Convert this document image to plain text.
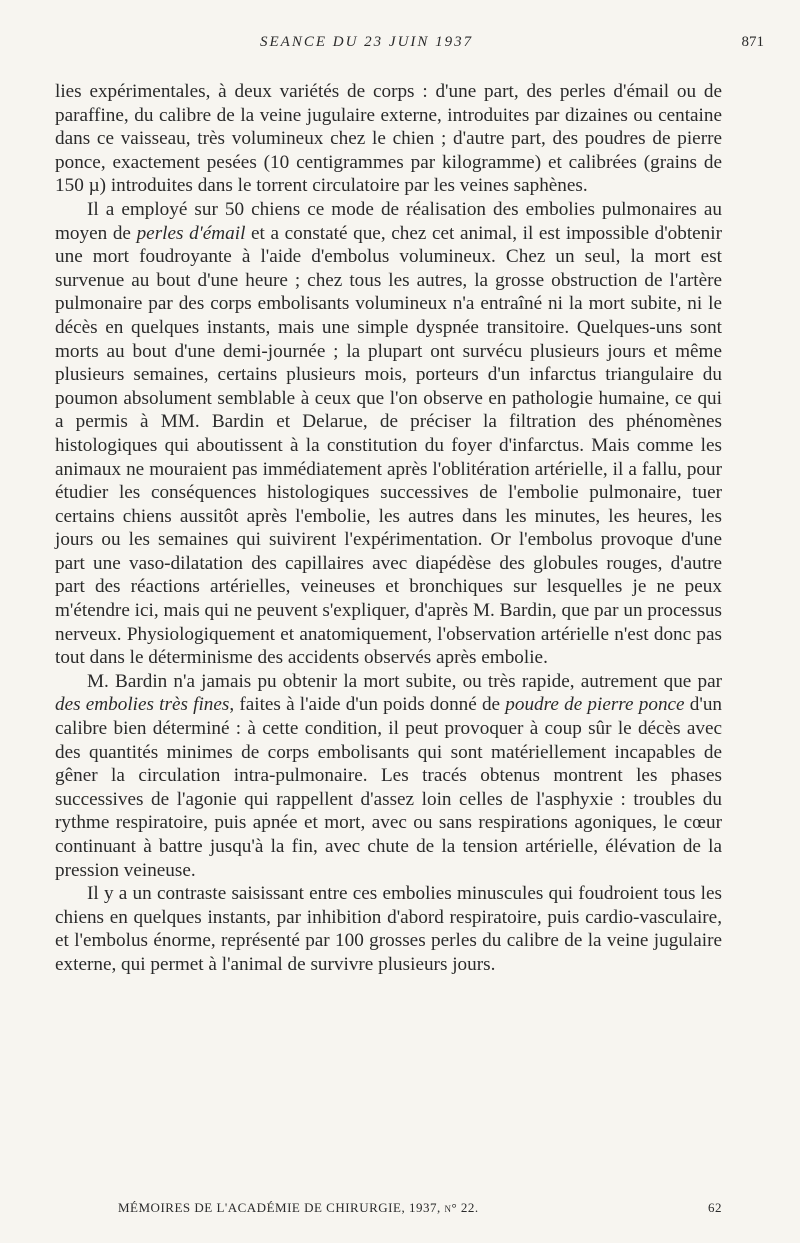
SEANCE DU 23 JUIN 1937	871

lies expérimentales, à deux variétés de corps : d'une part, des perles d'émail ou de paraffine, du calibre de la veine jugulaire externe, introduites par dizaines ou centaine dans ce vaisseau, très volumineux chez le chien ; d'autre part, des poudres de pierre ponce, exactement pesées (10 centigrammes par kilogramme) et calibrées (grains de 150 µ) introduites dans le torrent circulatoire par les veines saphènes.

Il a employé sur 50 chiens ce mode de réalisation des embolies pulmonaires au moyen de perles d'émail et a constaté que, chez cet animal, il est impossible d'obtenir une mort foudroyante à l'aide d'embolus volumineux. Chez un seul, la mort est survenue au bout d'une heure ; chez tous les autres, la grosse obstruction de l'artère pulmonaire par des corps embolisants volumineux n'a entraîné ni la mort subite, ni le décès en quelques instants, mais une simple dyspnée transitoire. Quelques-uns sont morts au bout d'une demi-journée ; la plupart ont survécu plusieurs jours et même plusieurs semaines, certains plusieurs mois, porteurs d'un infarctus triangulaire du poumon absolument semblable à ceux que l'on observe en pathologie humaine, ce qui a permis à MM. Bardin et Delarue, de préciser la filtration des phénomènes histologiques qui aboutissent à la constitution du foyer d'infarctus. Mais comme les animaux ne mouraient pas immédiatement après l'oblitération artérielle, il a fallu, pour étudier les conséquences histologiques successives de l'embolie pulmonaire, tuer certains chiens aussitôt après l'embolie, les autres dans les minutes, les heures, les jours ou les semaines qui suivirent l'expérimentation. Or l'embolus provoque d'une part une vaso-dilatation des capillaires avec diapédèse des globules rouges, d'autre part des réactions artérielles, veineuses et bronchiques sur lesquelles je ne peux m'étendre ici, mais qui ne peuvent s'expliquer, d'après M. Bardin, que par un processus nerveux. Physiologiquement et anatomiquement, l'observation artérielle n'est donc pas tout dans le déterminisme des accidents observés après embolie.

M. Bardin n'a jamais pu obtenir la mort subite, ou très rapide, autrement que par des embolies très fines, faites à l'aide d'un poids donné de poudre de pierre ponce d'un calibre bien déterminé : à cette condition, il peut provoquer à coup sûr le décès avec des quantités minimes de corps embolisants qui sont matériellement incapables de gêner la circulation intra-pulmonaire. Les tracés obtenus montrent les phases successives de l'agonie qui rappellent d'assez loin celles de l'asphyxie : troubles du rythme respiratoire, puis apnée et mort, avec ou sans respirations agoniques, le cœur continuant à battre jusqu'à la fin, avec chute de la tension artérielle, élévation de la pression veineuse.

Il y a un contraste saisissant entre ces embolies minuscules qui foudroient tous les chiens en quelques instants, par inhibition d'abord respiratoire, puis cardio-vasculaire, et l'embolus énorme, représenté par 100 grosses perles du calibre de la veine jugulaire externe, qui permet à l'animal de survivre plusieurs jours.

MÉMOIRES DE L'ACADÉMIE DE CHIRURGIE, 1937, n° 22.	62
